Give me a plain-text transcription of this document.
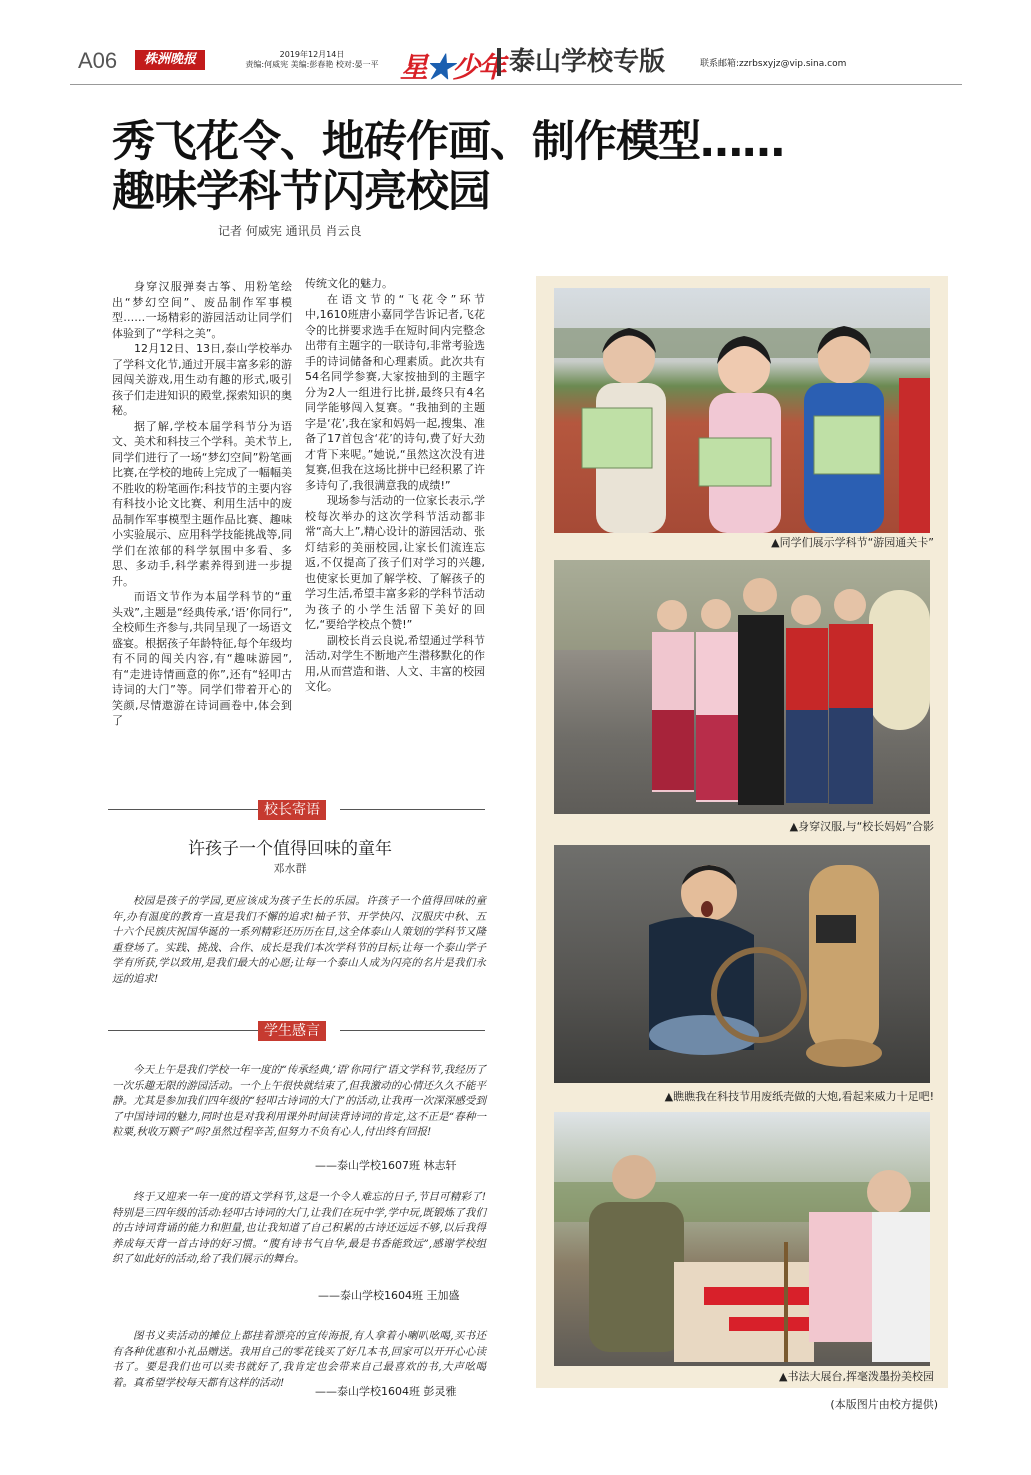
A06	株洲晚报	2019年12月14日
责编:何威宪 美编:彭春艳 校对:晏一平 星★少年 泰山学校专版	联系邮箱:zzrbsxyjz@vip.sina.com
秀飞花令、地砖作画、制作模型……
趣味学科节闪亮校园
记者 何威宪 通讯员 肖云良

身穿汉服弹奏古筝、用粉笔绘出“梦幻空间”、废品制作军事模型……一场精彩的游园活动让同学们体验到了“学科之美”。

12月12日、13日,泰山学校举办了学科文化节,通过开展丰富多彩的游园闯关游戏,用生动有趣的形式,吸引孩子们走进知识的殿堂,探索知识的奥秘。

据了解,学校本届学科节分为语文、美术和科技三个学科。美术节上,同学们进行了一场“梦幻空间”粉笔画比赛,在学校的地砖上完成了一幅幅美不胜收的粉笔画作;科技节的主要内容有科技小论文比赛、利用生活中的废品制作军事模型主题作品比赛、趣味小实验展示、应用科学技能挑战等,同学们在浓郁的科学氛围中多看、多思、多动手,科学素养得到进一步提升。

而语文节作为本届学科节的“重头戏”,主题是“经典传承,‘语’你同行”,全校师生齐参与,共同呈现了一场语文盛宴。根据孩子年龄特征,每个年级均有不同的闯关内容,有“趣味游园”,有“走进诗情画意的你”,还有“轻叩古诗词的大门”等。同学们带着开心的笑颜,尽情遨游在诗词画卷中,体会到了

传统文化的魅力。

在语文节的“飞花令”环节中,1610班唐小嘉同学告诉记者,飞花令的比拼要求选手在短时间内完整念出带有主题字的一联诗句,非常考验选手的诗词储备和心理素质。此次共有54名同学参赛,大家按抽到的主题字分为2人一组进行比拼,最终只有4名同学能够闯入复赛。“我抽到的主题字是‘花’,我在家和妈妈一起,搜集、准备了17首包含‘花’的诗句,费了好大劲才背下来呢。”她说,“虽然这次没有进复赛,但我在这场比拼中已经积累了许多诗句了,我很满意我的成绩!”

现场参与活动的一位家长表示,学校每次举办的这次学科节活动都非常“高大上”,精心设计的游园活动、张灯结彩的美丽校园,让家长们流连忘返,不仅提高了孩子们对学习的兴趣,也使家长更加了解学校、了解孩子的学习生活,希望丰富多彩的学科节活动为孩子的小学生活留下美好的回忆,“要给学校点个赞!”

副校长肖云良说,希望通过学科节活动,对学生不断地产生潜移默化的作用,从而营造和谐、人文、丰富的校园文化。

▲同学们展示学科节“游园通关卡”
▲身穿汉服,与“校长妈妈”合影
▲瞧瞧我在科技节用废纸壳做的大炮,看起来威力十足吧!
▲书法大展台,挥毫泼墨扮美校园
(本版图片由校方提供)
校长寄语
许孩子一个值得回味的童年
邓水群

校园是孩子的学园,更应该成为孩子生长的乐园。许孩子一个值得回味的童年,办有温度的教育一直是我们不懈的追求!柚子节、开学快闪、汉服庆中秋、五十六个民族庆祝国华诞的一系列精彩还历历在目,这全体泰山人策划的学科节又隆重登场了。实践、挑战、合作、成长是我们本次学科节的目标;让每一个泰山学子学有所获,学以致用,是我们最大的心愿;让每一个泰山人成为闪亮的名片是我们永远的追求!

学生感言

今天上午是我们学校一年一度的“传承经典,‘语’你同行”语文学科节,我经历了一次乐趣无限的游园活动。一个上午很快就结束了,但我激动的心情还久久不能平静。尤其是参加我们四年级的“轻叩古诗词的大门”的活动,让我再一次深深感受到了中国诗词的魅力,同时也是对我利用课外时间读背诗词的肯定,这不正是“春种一粒粟,秋收万颗子”吗?虽然过程辛苦,但努力不负有心人,付出终有回报!

——泰山学校1607班 林志轩

终于又迎来一年一度的语文学科节,这是一个令人难忘的日子,节目可精彩了!特别是三四年级的活动:轻叩古诗词的大门,让我们在玩中学,学中玩,既锻炼了我们的古诗词背诵的能力和胆量,也让我知道了自己积累的古诗还远远不够,以后我得养成每天背一首古诗的好习惯。“腹有诗书气自华,最是书香能致远”,感谢学校组织了如此好的活动,给了我们展示的舞台。

——泰山学校1604班 王加盛

图书义卖活动的摊位上都挂着漂亮的宣传海报,有人拿着小喇叭吆喝,买书还有各种优惠和小礼品赠送。我用自己的零花钱买了好几本书,回家可以开开心心读书了。要是我们也可以卖书就好了,我肯定也会带来自己最喜欢的书,大声吆喝着。真希望学校每天都有这样的活动!

——泰山学校1604班 彭灵雅
